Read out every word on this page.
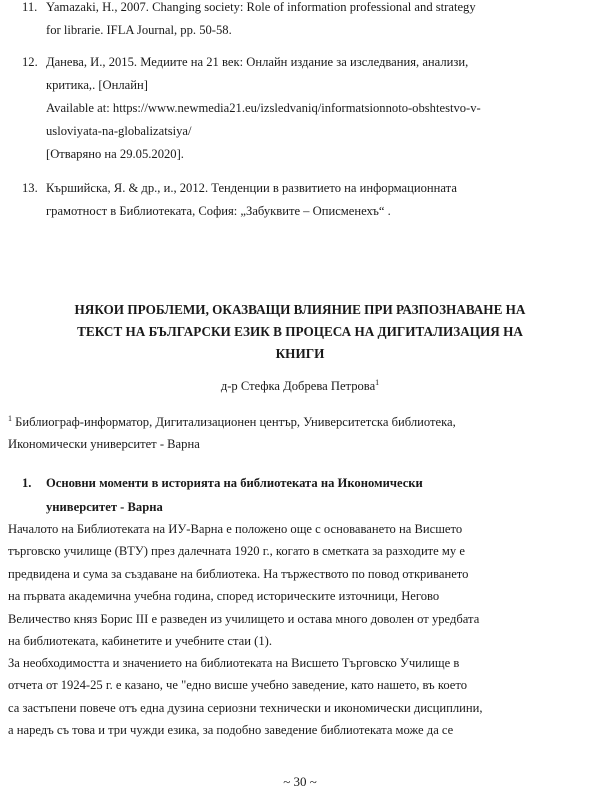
11. Yamazaki, H., 2007. Changing society: Role of information professional and strategy
for librarie. IFLA Journal, pp. 50-58.
12. Данева, И., 2015. Медиите на 21 век: Онлайн издание за изследвания, анализи,
критика,. [Онлайн]
Available at: https://www.newmedia21.eu/izsledvaniq/informatsionnoto-obshtestvo-v-
usloviyata-na-globalizatsiya/
[Отваряно на 29.05.2020].
13. Кършийска, Я. & др., и., 2012. Тенденции в развитието на информационната
грамотност в Библиотеката, София: „Забуквите – Описменехъ“ .
НЯКОИ ПРОБЛЕМИ, ОКАЗВАЩИ ВЛИЯНИЕ ПРИ РАЗПОЗНАВАНЕ НА
ТЕКСТ НА БЪЛГАРСКИ ЕЗИК В ПРОЦЕСА НА ДИГИТАЛИЗАЦИЯ НА
КНИГИ
д-р Стефка Добрева Петрова$^1$
$^1$ Библиограф-информатор, Дигитализационен център, Университетска библиотека,
Икономически университет - Варна
1. Основни моменти в историята на библиотеката на Икономически
университет - Варна
Началото на Библиотеката на ИУ-Варна е положено още с основаването на Висшето
търговско училище (ВТУ) през далечната 1920 г., когато в сметката за разходите му е
предвидена и сума за създаване на библиотека. На тържеството по повод откриването
на първата академична учебна година, според историческите източници, Негово
Величество княз Борис III е разведен из училището и остава много доволен от уредбата
на библиотеката, кабинетите и учебните стаи (1).
За необходимостта и значението на библиотеката на Висшето Търговско Училище в
отчета от 1924-25 г. е казано, че "едно висше учебно заведение, като нашето, въ което
са застъпени повече отъ една дузина сериозни технически и икономически дисциплини,
а наредъ съ това и три чужди езика, за подобно заведение библиотеката може да се
~ 30 ~
